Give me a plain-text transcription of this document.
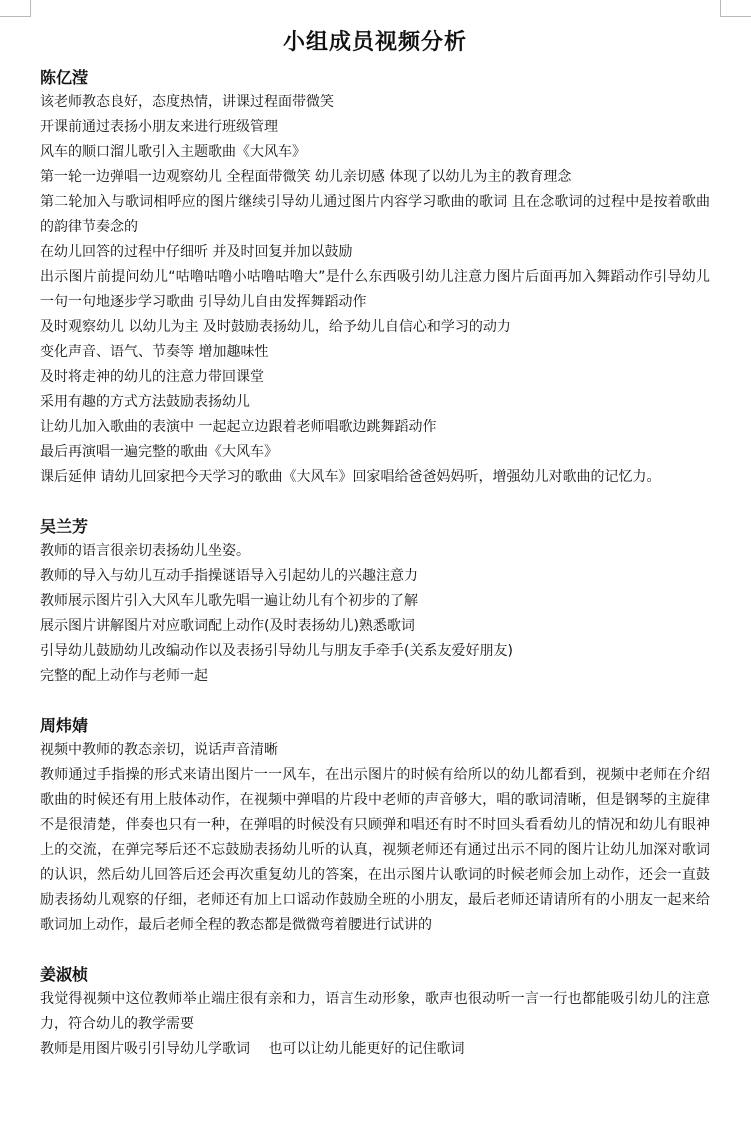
小组成员视频分析
陈亿滢

该老师教态良好，态度热情，讲课过程面带微笑

开课前通过表扬小朋友来进行班级管理

风车的顺口溜儿歌引入主题歌曲《大风车》

第一轮一边弹唱一边观察幼儿 全程面带微笑 幼儿亲切感 体现了以幼儿为主的教育理念

第二轮加入与歌词相呼应的图片继续引导幼儿通过图片内容学习歌曲的歌词 且在念歌词的过程中是按着歌曲的韵律节奏念的

在幼儿回答的过程中仔细听 并及时回复并加以鼓励

出示图片前提问幼儿“咕噜咕噜小咕噜咕噜大”是什么东西吸引幼儿注意力图片后面再加入舞蹈动作引导幼儿一句一句地逐步学习歌曲 引导幼儿自由发挥舞蹈动作

及时观察幼儿 以幼儿为主 及时鼓励表扬幼儿，给予幼儿自信心和学习的动力

变化声音、语气、节奏等 增加趣味性

及时将走神的幼儿的注意力带回课堂

采用有趣的方式方法鼓励表扬幼儿

让幼儿加入歌曲的表演中 一起起立边跟着老师唱歌边跳舞蹈动作

最后再演唱一遍完整的歌曲《大风车》

课后延伸 请幼儿回家把今天学习的歌曲《大风车》回家唱给爸爸妈妈听，增强幼儿对歌曲的记忆力。

吴兰芳

教师的语言很亲切表扬幼儿坐姿。

教师的导入与幼儿互动手指操谜语导入引起幼儿的兴趣注意力

教师展示图片引入大风车儿歌先唱一遍让幼儿有个初步的了解

展示图片讲解图片对应歌词配上动作(及时表扬幼儿)熟悉歌词

引导幼儿鼓励幼儿改编动作以及表扬引导幼儿与朋友手牵手(关系友爱好朋友)

完整的配上动作与老师一起

周炜婧

视频中教师的教态亲切，说话声音清晰

教师通过手指操的形式来请出图片一一风车，在出示图片的时候有给所以的幼儿都看到，视频中老师在介绍歌曲的时候还有用上肢体动作，在视频中弹唱的片段中老师的声音够大，唱的歌词清晰，但是钢琴的主旋律不是很清楚，伴奏也只有一种，在弹唱的时候没有只顾弹和唱还有时不时回头看看幼儿的情况和幼儿有眼神上的交流，在弹完琴后还不忘鼓励表扬幼儿听的认真，视频老师还有通过出示不同的图片让幼儿加深对歌词的认识，然后幼儿回答后还会再次重复幼儿的答案，在出示图片认歌词的时候老师会加上动作，还会一直鼓励表扬幼儿观察的仔细，老师还有加上口谣动作鼓励全班的小朋友，最后老师还请请所有的小朋友一起来给歌词加上动作，最后老师全程的教态都是微微弯着腰进行试讲的

姜淑桢

我觉得视频中这位教师举止端庄很有亲和力，语言生动形象，歌声也很动听一言一行也都能吸引幼儿的注意力，符合幼儿的教学需要

教师是用图片吸引引导幼儿学歌词　 也可以让幼儿能更好的记住歌词
